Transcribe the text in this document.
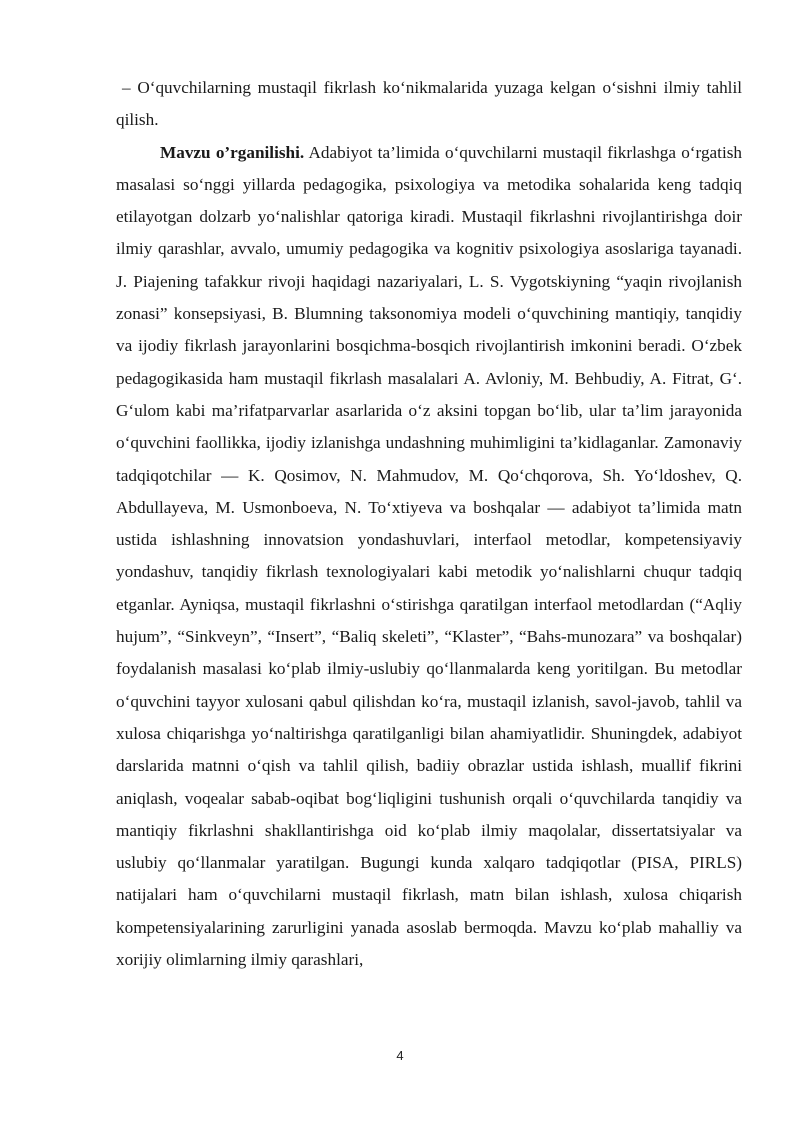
– O‘quvchilarning mustaqil fikrlash ko‘nikmalarida yuzaga kelgan o‘sishni ilmiy tahlil qilish.

Mavzu o’rganilishi. Adabiyot ta’limida o‘quvchilarni mustaqil fikrlashga o‘rgatish masalasi so‘nggi yillarda pedagogika, psixologiya va metodika sohalarida keng tadqiq etilayotgan dolzarb yo‘nalishlar qatoriga kiradi. Mustaqil fikrlashni rivojlantirishga doir ilmiy qarashlar, avvalo, umumiy pedagogika va kognitiv psixologiya asoslariga tayanadi. J. Piajening tafakkur rivoji haqidagi nazariyalari, L. S. Vygotskiyning “yaqin rivojlanish zonasi” konsepsiyasi, B. Blumning taksonomiya modeli o‘quvchining mantiqiy, tanqidiy va ijodiy fikrlash jarayonlarini bosqichma-bosqich rivojlantirish imkonini beradi. O‘zbek pedagogikasida ham mustaqil fikrlash masalalari A. Avloniy, M. Behbudiy, A. Fitrat, G‘. G‘ulom kabi ma’rifatparvarlar asarlarida o‘z aksini topgan bo‘lib, ular ta’lim jarayonida o‘quvchini faollikka, ijodiy izlanishga undashning muhimligini ta’kidlaganlar. Zamonaviy tadqiqotchilar — K. Qosimov, N. Mahmudov, M. Qo‘chqorova, Sh. Yo‘ldoshev, Q. Abdullayeva, M. Usmonboeva, N. To‘xtiyeva va boshqalar — adabiyot ta’limida matn ustida ishlashning innovatsion yondashuvlari, interfaol metodlar, kompetensiyaviy yondashuv, tanqidiy fikrlash texnologiyalari kabi metodik yo‘nalishlarni chuqur tadqiq etganlar. Ayniqsa, mustaqil fikrlashni o‘stirishga qaratilgan interfaol metodlardan (“Aqliy hujum”, “Sinkveyn”, “Insert”, “Baliq skeleti”, “Klaster”, “Bahs-munozara” va boshqalar) foydalanish masalasi ko‘plab ilmiy-uslubiy qo‘llanmalarda keng yoritilgan. Bu metodlar o‘quvchini tayyor xulosani qabul qilishdan ko‘ra, mustaqil izlanish, savol-javob, tahlil va xulosa chiqarishga yo‘naltirishga qaratilganligi bilan ahamiyatlidir. Shuningdek, adabiyot darslarida matnni o‘qish va tahlil qilish, badiiy obrazlar ustida ishlash, muallif fikrini aniqlash, voqealar sabab-oqibat bog‘liqligini tushunish orqali o‘quvchilarda tanqidiy va mantiqiy fikrlashni shakllantirishga oid ko‘plab ilmiy maqolalar, dissertatsiyalar va uslubiy qo‘llanmalar yaratilgan. Bugungi kunda xalqaro tadqiqotlar (PISA, PIRLS) natijalari ham o‘quvchilarni mustaqil fikrlash, matn bilan ishlash, xulosa chiqarish kompetensiyalarining zarurligini yanada asoslab bermoqda. Mavzu ko‘plab mahalliy va xorijiy olimlarning ilmiy qarashlari,

4
